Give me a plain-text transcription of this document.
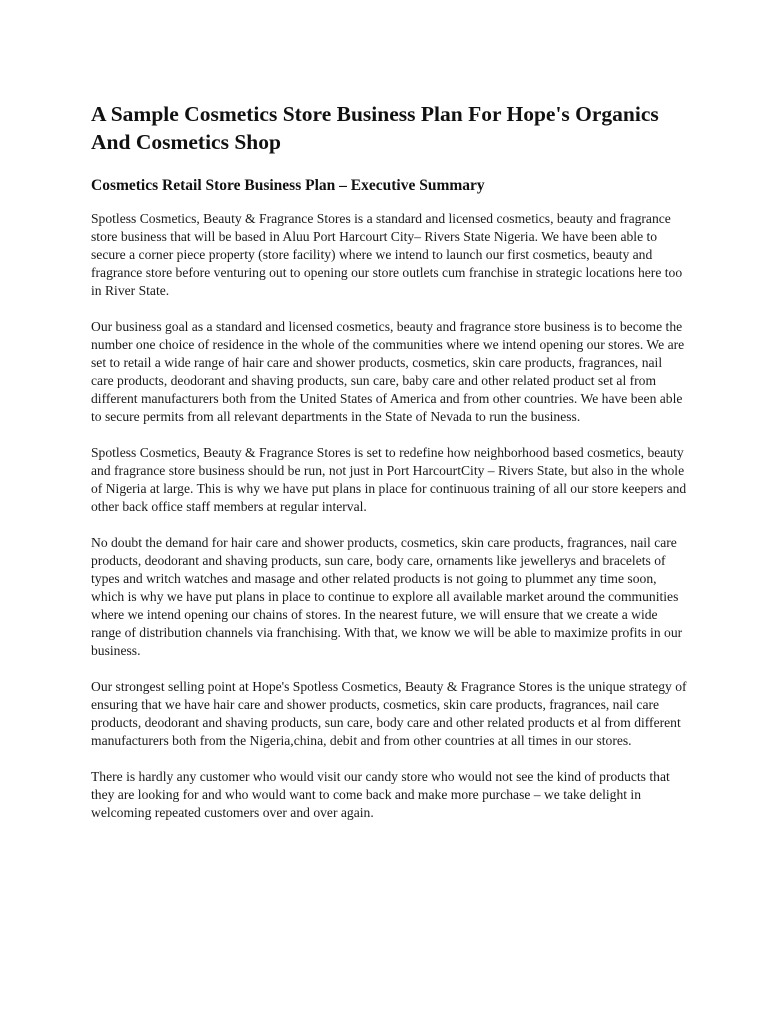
A Sample Cosmetics Store Business Plan For Hope's Organics And Cosmetics Shop
Cosmetics Retail Store Business Plan – Executive Summary

Spotless Cosmetics, Beauty & Fragrance Stores is a standard and licensed cosmetics, beauty and fragrance store business that will be based in Aluu Port Harcourt City– Rivers State Nigeria. We have been able to secure a corner piece property (store facility) where we intend to launch our first cosmetics, beauty and fragrance store before venturing out to opening our store outlets cum franchise in strategic locations here too in River State.

Our business goal as a standard and licensed cosmetics, beauty and fragrance store business is to become the number one choice of residence in the whole of the communities where we intend opening our stores. We are set to retail a wide range of hair care and shower products, cosmetics, skin care products, fragrances, nail care products, deodorant and shaving products, sun care, baby care and other related product set al from different manufacturers both from the United States of America and from other countries. We have been able to secure permits from all relevant departments in the State of Nevada to run the business.

Spotless Cosmetics, Beauty & Fragrance Stores is set to redefine how neighborhood based cosmetics, beauty and fragrance store business should be run, not just in Port HarcourtCity – Rivers State, but also in the whole of Nigeria at large. This is why we have put plans in place for continuous training of all our store keepers and other back office staff members at regular interval.

No doubt the demand for hair care and shower products, cosmetics, skin care products, fragrances, nail care products, deodorant and shaving products, sun care, body care, ornaments like jewellerys and bracelets of types and writch watches and masage and other related products is not going to plummet any time soon, which is why we have put plans in place to continue to explore all available market around the communities where we intend opening our chains of stores. In the nearest future, we will ensure that we create a wide range of distribution channels via franchising. With that, we know we will be able to maximize profits in our business.

Our strongest selling point at Hope's Spotless Cosmetics, Beauty & Fragrance Stores is the unique strategy of ensuring that we have hair care and shower products, cosmetics, skin care products, fragrances, nail care products, deodorant and shaving products, sun care, body care and other related products et al from different manufacturers both from the Nigeria,china, debit and from other countries at all times in our stores.

There is hardly any customer who would visit our candy store who would not see the kind of products that they are looking for and who would want to come back and make more purchase – we take delight in welcoming repeated customers over and over again.
